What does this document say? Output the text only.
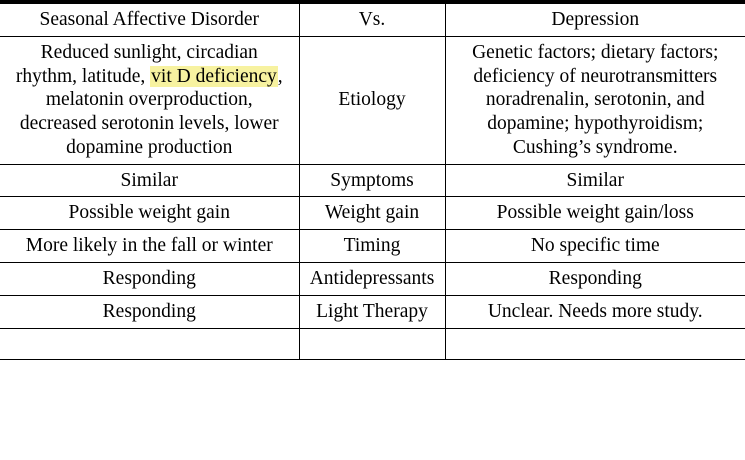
Seasonal Affective Disorder	Vs.	Depression
Reduced sunlight, circadian rhythm, latitude, vit D deficiency, melatonin overproduction, decreased serotonin levels, lower dopamine production	Etiology	Genetic factors; dietary factors; deficiency of neurotransmitters noradrenalin, serotonin, and dopamine; hypothyroidism; Cushing’s syndrome.
Similar	Symptoms	Similar
Possible weight gain	Weight gain	Possible weight gain/loss
More likely in the fall or winter	Timing	No specific time
Responding	Antidepressants	Responding
Responding	Light Therapy	Unclear. Needs more study.
